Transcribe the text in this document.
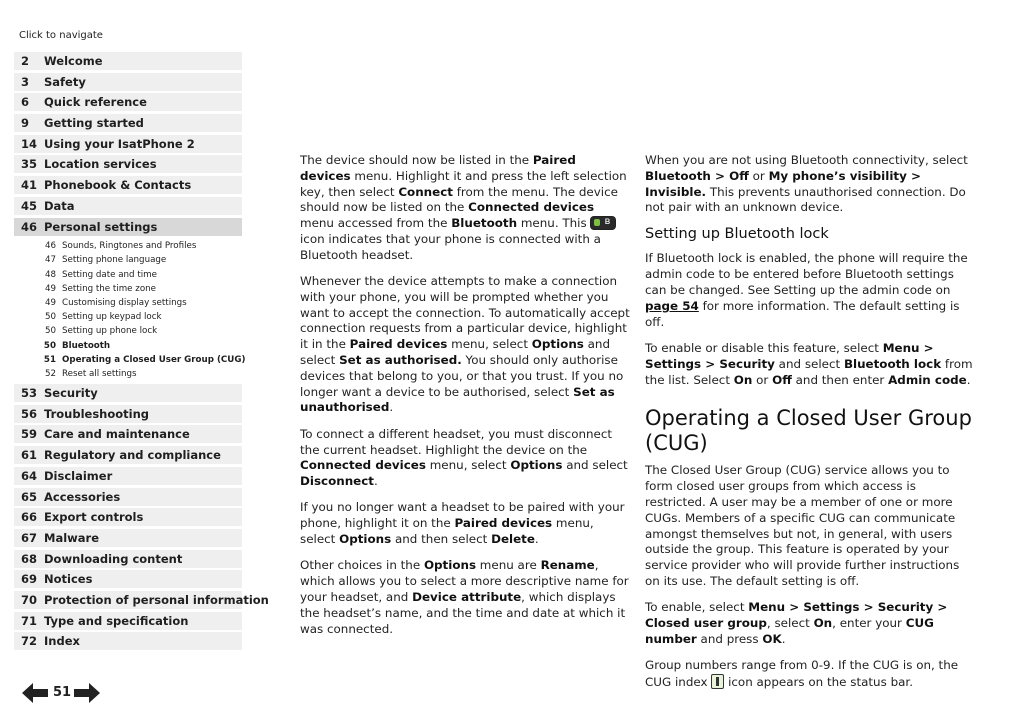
Click to navigate
2 Welcome
3 Safety
6 Quick reference
9 Getting started
14 Using your IsatPhone 2
35 Location services
41 Phonebook & Contacts
45 Data
46 Personal settings
46 Sounds, Ringtones and Profiles
47 Setting phone language
48 Setting date and time
49 Setting the time zone
49 Customising display settings
50 Setting up keypad lock
50 Setting up phone lock
50 Bluetooth
51 Operating a Closed User Group (CUG)
52 Reset all settings
53 Security
56 Troubleshooting
59 Care and maintenance
61 Regulatory and compliance
64 Disclaimer
65 Accessories
66 Export controls
67 Malware
68 Downloading content
69 Notices
70 Protection of personal information
71 Type and specification
72 Index

The device should now be listed in the Paired devices menu. Highlight it and press the left selection key, then select Connect from the menu. The device should now be listed on the Connected devices menu accessed from the Bluetooth menu. This ʙ icon indicates that your phone is connected with a Bluetooth headset.

Whenever the device attempts to make a connection with your phone, you will be prompted whether you want to accept the connection. To automatically accept connection requests from a particular device, highlight it in the Paired devices menu, select Options and select Set as authorised. You should only authorise devices that belong to you, or that you trust. If you no longer want a device to be authorised, select Set as unauthorised.

To connect a different headset, you must disconnect the current headset. Highlight the device on the Connected devices menu, select Options and select Disconnect.

If you no longer want a headset to be paired with your phone, highlight it on the Paired devices menu, select Options and then select Delete.

Other choices in the Options menu are Rename, which allows you to select a more descriptive name for your headset, and Device attribute, which displays the headset’s name, and the time and date at which it was connected.

When you are not using Bluetooth connectivity, select Bluetooth > Off or My phone’s visibility > Invisible. This prevents unauthorised connection. Do not pair with an unknown device.

Setting up Bluetooth lock

If Bluetooth lock is enabled, the phone will require the admin code to be entered before Bluetooth settings can be changed. See Setting up the admin code on page 54 for more information. The default setting is off.

To enable or disable this feature, select Menu > Settings > Security and select Bluetooth lock from the list. Select On or Off and then enter Admin code.

Operating a Closed User Group (CUG)

The Closed User Group (CUG) service allows you to form closed user groups from which access is restricted. A user may be a member of one or more CUGs. Members of a specific CUG can communicate amongst themselves but not, in general, with users outside the group. This feature is operated by your service provider who will provide further instructions on its use. The default setting is off.

To enable, select Menu > Settings > Security > Closed user group, select On, enter your CUG number and press OK.

Group numbers range from 0-9. If the CUG is on, the CUG index  icon appears on the status bar.

51
